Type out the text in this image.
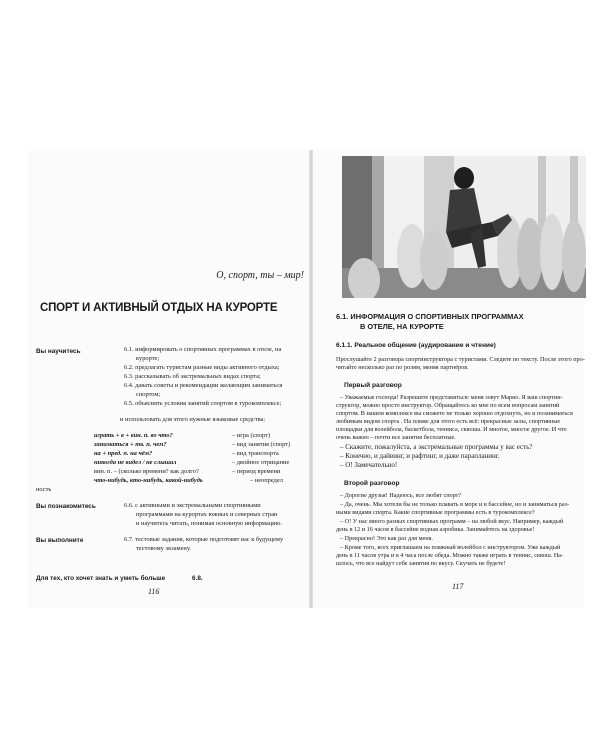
О, спорт, ты – мир!
СПОРТ И АКТИВНЫЙ ОТДЫХ НА КУРОРТЕ
Вы научитесь	6.1. информировать о спортивных программах в отеле, на
курорте;
6.2. предлагать туристам разные виды активного отдыха;
6.3. рассказывать об экстремальных видах спорта;
6.4. давать советы и рекомендации желающим заниматься
спортом;
6.5. объяснять условия занятий спортом в турокомплексе;
и использовать для этого нужные языковые средства:
играть + в + вин. п. во что?	– игра (спорт)
заниматься + тв. п. чем?	– вид занятия (спорт)
на + пред. п. на чём?	– вид транспорта
никогда не видел / не слышал	– двойное отрицание
вин. п. – (сколько времени? как долго?	– период времени
что-нибудь, кто-нибудь, какой-нибудь	– неопредел
ность
Вы познакомитесь	6.6. с активными и экстремальными спортивными
программами на курортах южных и северных стран
и научитесь читать, понимая основную информацию.
Вы выполните	6.7. тестовые задания, которые подготовят вас к будущему
тестовому экзамену.
Для тех, кто хочет знать и уметь больше	6.8.
116
6.1. ИНФОРМАЦИЯ О СПОРТИВНЫХ ПРОГРАММАХ
В ОТЕЛЕ, НА КУРОРТЕ
6.1.1. Реальное общение (аудирование и чтение)
Прослушайте 2 разговора спортинструктора с туристами. Следите по тексту. После этого про-
читайте несколько раз по ролям, меняя партнёров.
Первый разговор
– Уважаемые господа! Разрешите представиться: меня зовут Марио. Я ваш спортин-
структор, можно просто инструктор. Обращайтесь ко мне по всем вопросам занятий
спортом. В нашем комплексе вы сможете не только хорошо отдохнуть, но и позаниматься
любимым видом спорта . На пляже для этого есть всё: прекрасные залы, спортивные
площадки для волейбола, баскетбола, тенниса, сквоша. И многое, многое другое. И что
очень важно – почти все занятия бесплатные.
– Скажите, пожалуйста, а экстремальные программы у вас есть?
– Конечно, и дайвинг, и рафтинг, и даже парапланинг.
– О! Замечательно!
Второй разговор
– Дорогие друзья! Надеюсь, все любят спорт?
– Да, очень. Мы хотели бы не только плавать в море и в бассейне, но и заниматься раз-
ными видами спорта. Какие спортивные программы есть в турокомплексе?
– О! У нас много разных спортивных программ – на любой вкус. Например, каждый
день в 12 и 16 часов в бассейне водная аэробика. Занимайтесь на здоровье!
– Прекрасно! Это как раз для меня.
– Кроме того, всех приглашаем на пляжный волейбол с инструктором. Уже каждый
день в 11 часов утра и в 4 часа после обеда. Можно также играть в теннис, сквош. На-
шлось, что все найдут себе занятия по вкусу. Скучать не будете!
117
